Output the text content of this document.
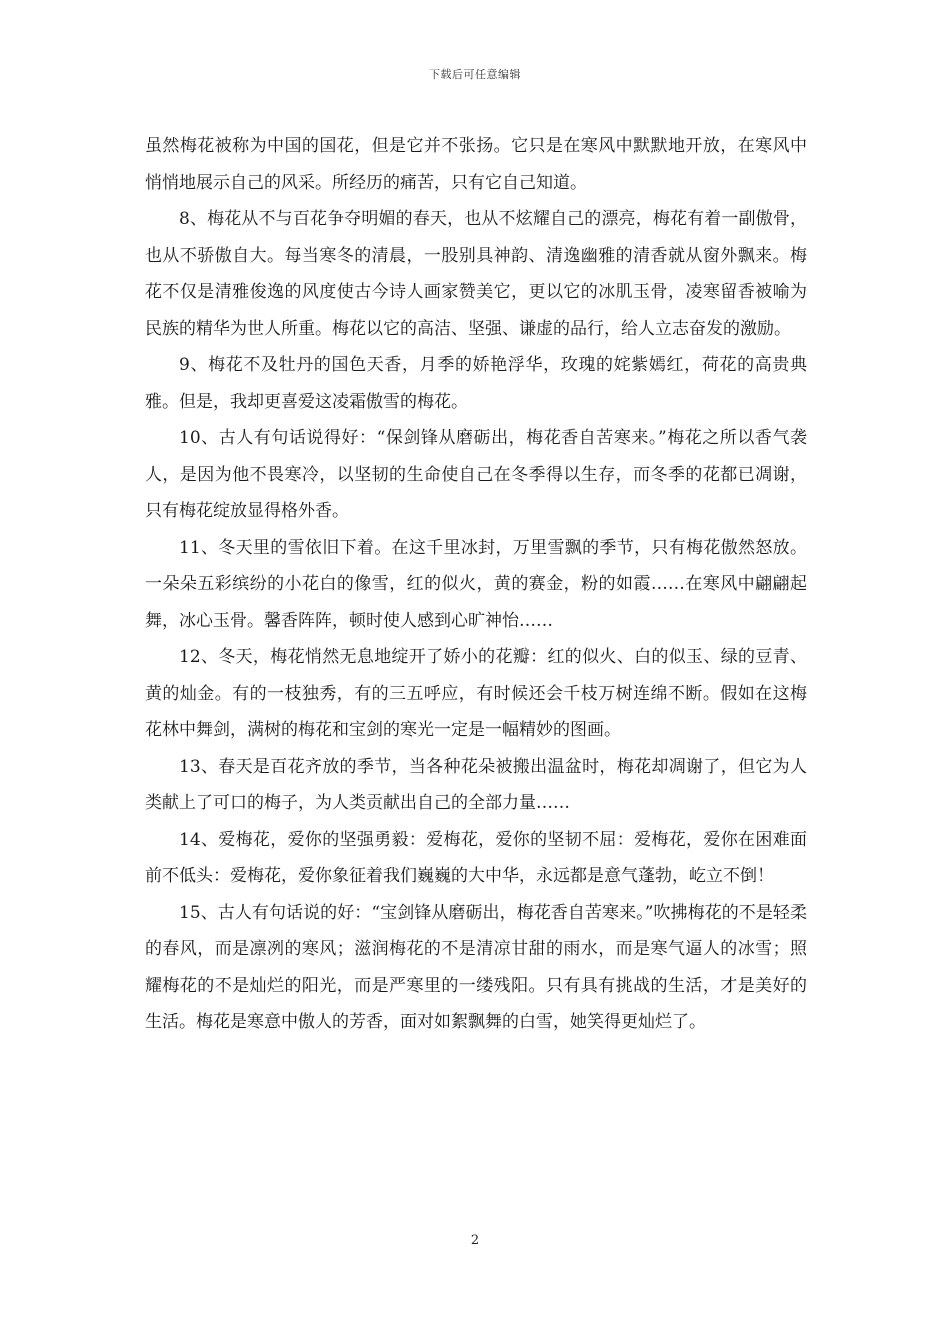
下载后可任意编辑

虽然梅花被称为中国的国花，但是它并不张扬。它只是在寒风中默默地开放，在寒风中悄悄地展示自己的风采。所经历的痛苦，只有它自己知道。

8、梅花从不与百花争夺明媚的春天，也从不炫耀自己的漂亮，梅花有着一副傲骨，也从不骄傲自大。每当寒冬的清晨，一股别具神韵、清逸幽雅的清香就从窗外飘来。梅花不仅是清雅俊逸的风度使古今诗人画家赞美它，更以它的冰肌玉骨，凌寒留香被喻为民族的精华为世人所重。梅花以它的高洁、坚强、谦虚的品行，给人立志奋发的激励。

9、梅花不及牡丹的国色天香，月季的娇艳浮华，玫瑰的姹紫嫣红，荷花的高贵典雅。但是，我却更喜爱这凌霜傲雪的梅花。

10、古人有句话说得好：“保剑锋从磨砺出，梅花香自苦寒来。”梅花之所以香气袭人，是因为他不畏寒冷，以坚韧的生命使自己在冬季得以生存，而冬季的花都已凋谢，只有梅花绽放显得格外香。

11、冬天里的雪依旧下着。在这千里冰封，万里雪飘的季节，只有梅花傲然怒放。一朵朵五彩缤纷的小花白的像雪，红的似火，黄的赛金，粉的如霞……在寒风中翩翩起舞，冰心玉骨。馨香阵阵，顿时使人感到心旷神怡……

12、冬天，梅花悄然无息地绽开了娇小的花瓣：红的似火、白的似玉、绿的豆青、黄的灿金。有的一枝独秀，有的三五呼应，有时候还会千枝万树连绵不断。假如在这梅花林中舞剑，满树的梅花和宝剑的寒光一定是一幅精妙的图画。

13、春天是百花齐放的季节，当各种花朵被搬出温盆时，梅花却凋谢了，但它为人类献上了可口的梅子，为人类贡献出自己的全部力量……

14、爱梅花，爱你的坚强勇毅：爱梅花，爱你的坚韧不屈：爱梅花，爱你在困难面前不低头：爱梅花，爱你象征着我们巍巍的大中华，永远都是意气蓬勃，屹立不倒！

15、古人有句话说的好：“宝剑锋从磨砺出，梅花香自苦寒来。”吹拂梅花的不是轻柔的春风，而是凛冽的寒风；滋润梅花的不是清凉甘甜的雨水，而是寒气逼人的冰雪；照耀梅花的不是灿烂的阳光，而是严寒里的一缕残阳。只有具有挑战的生活，才是美好的生活。梅花是寒意中傲人的芳香，面对如絮飘舞的白雪，她笑得更灿烂了。

2
